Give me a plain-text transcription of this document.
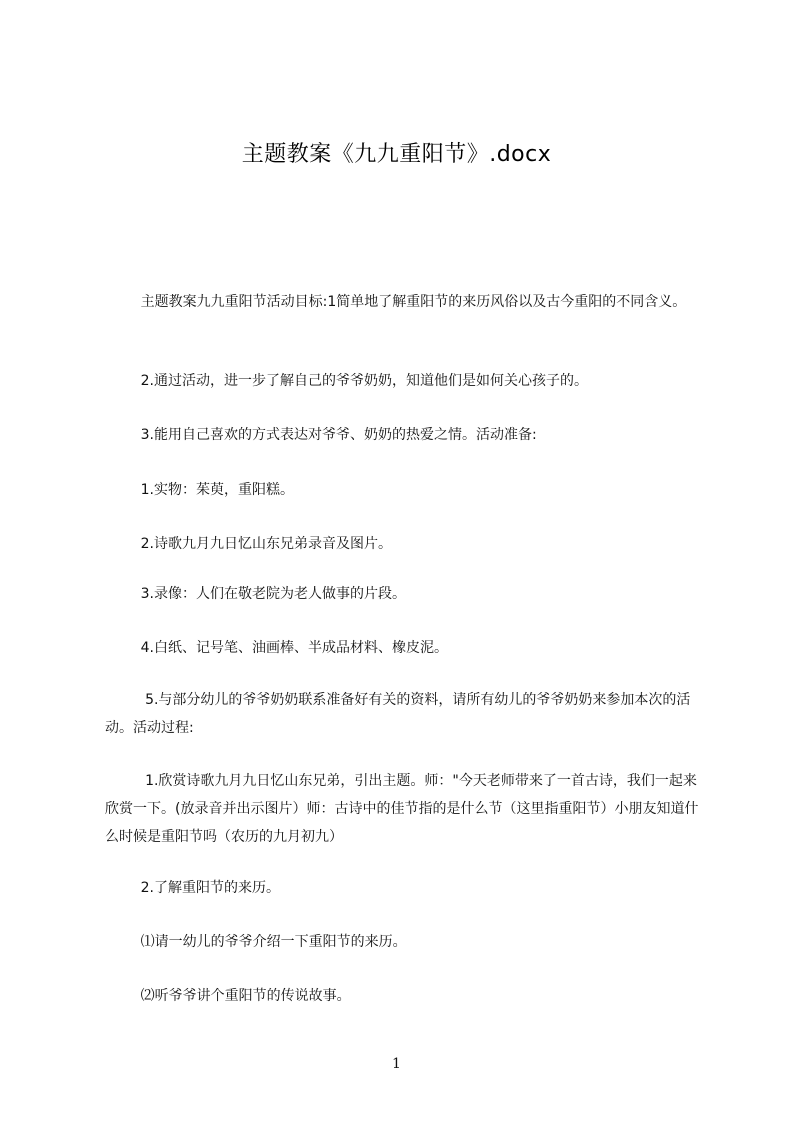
主题教案《九九重阳节》.docx

主题教案九九重阳节活动目标:1简单地了解重阳节的来历风俗以及古今重阳的不同含义。

2.通过活动，进一步了解自己的爷爷奶奶，知道他们是如何关心孩子的。

3.能用自己喜欢的方式表达对爷爷、奶奶的热爱之情。活动准备:

1.实物：茱萸，重阳糕。

2.诗歌九月九日忆山东兄弟录音及图片。

3.录像：人们在敬老院为老人做事的片段。

4.白纸、记号笔、油画棒、半成品材料、橡皮泥。

5.与部分幼儿的爷爷奶奶联系准备好有关的资料，请所有幼儿的爷爷奶奶来参加本次的活动。活动过程:

1.欣赏诗歌九月九日忆山东兄弟，引出主题。师："今天老师带来了一首古诗，我们一起来欣赏一下。(放录音并出示图片）师：古诗中的佳节指的是什么节（这里指重阳节）小朋友知道什么时候是重阳节吗（农历的九月初九）

2.了解重阳节的来历。

⑴请一幼儿的爷爷介绍一下重阳节的来历。

⑵听爷爷讲个重阳节的传说故事。

1
